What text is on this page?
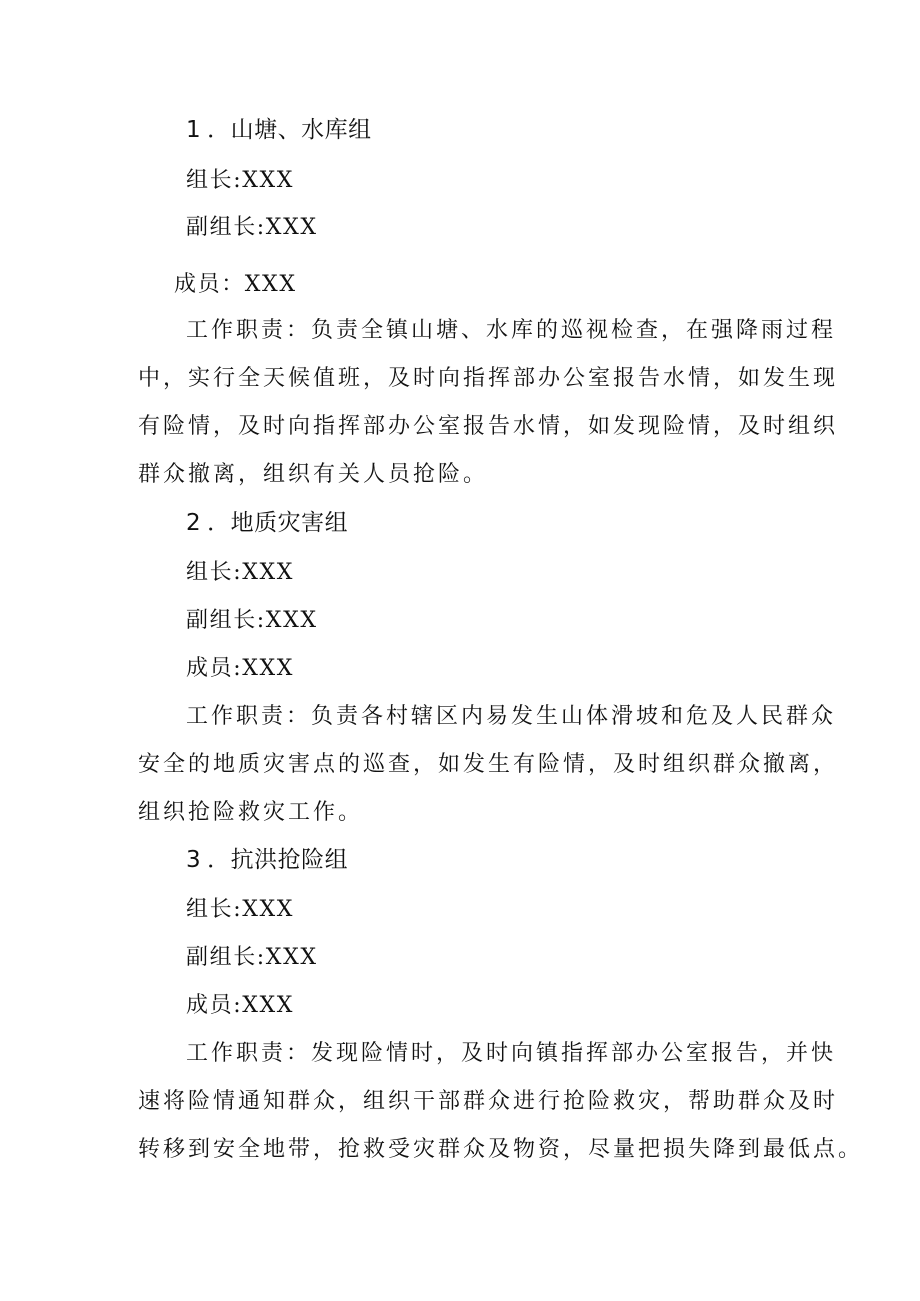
1 ．山塘、水库组
组长:XXX
副组长:XXX
成员：XXX
工作职责：负责全镇山塘、水库的巡视检查，在强降雨过程
中，实行全天候值班，及时向指挥部办公室报告水情，如发生现
有险情，及时向指挥部办公室报告水情，如发现险情，及时组织
群众撤离，组织有关人员抢险。
2 ．地质灾害组
组长:XXX
副组长:XXX
成员:XXX
工作职责：负责各村辖区内易发生山体滑坡和危及人民群众
安全的地质灾害点的巡查，如发生有险情，及时组织群众撤离，
组织抢险救灾工作。
3 ．抗洪抢险组
组长:XXX
副组长:XXX
成员:XXX
工作职责：发现险情时，及时向镇指挥部办公室报告，并快
速将险情通知群众，组织干部群众进行抢险救灾，帮助群众及时
转移到安全地带，抢救受灾群众及物资，尽量把损失降到最低点。
